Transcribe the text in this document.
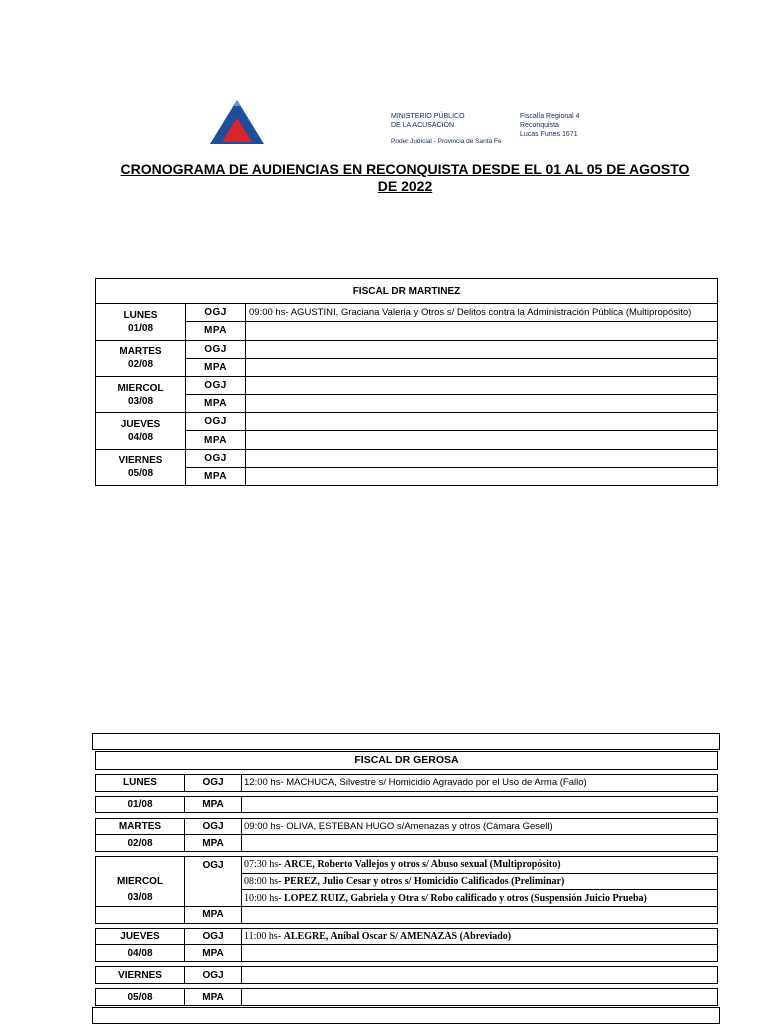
MINISTERIO PÚBLICO
DE LA ACUSACIÓN
Poder Judicial - Provincia de Santa Fe
Fiscalía Regional 4
Reconquista
Lucas Funes 1671
CRONOGRAMA DE AUDIENCIAS EN RECONQUISTA DESDE EL 01 AL 05 DE AGOSTO
DE 2022
FISCAL DR MARTINEZ		

LUNES
01/08	OGJ	09:00 hs- AGUSTINI, Graciana Valeria y Otros s/ Delitos contra la Administración Pública (Multipropósito)
	MPA	

MARTES
02/08	OGJ	
	MPA	

MIERCOL
03/08	OGJ	
	MPA	

JUEVES
04/08	OGJ	
	MPA	

VIERNES
05/08	OGJ	
	MPA	
FISCAL DR GEROSA		

LUNES	OGJ	12:00 hs- MACHUCA, Silvestre s/ Homicidio Agravado por el Uso de Arma (Fallo)

01/08	MPA	

MARTES	OGJ	09:00 hs- OLIVA, ESTEBAN HUGO s/Amenazas y otros (Cámara Gesell)
02/08	MPA	

	OGJ	07:30 hs- ARCE, Roberto Vallejos y otros s/ Abuso sexual (Multipropósito)
MIERCOL		08:00 hs- PEREZ, Julio Cesar y otros s/ Homicidio Calificados (Preliminar)
03/08		10:00 hs- LOPEZ RUIZ, Gabriela y Otra s/ Robo calificado y otros (Suspensión Juicio Prueba)
	MPA	

JUEVES	OGJ	11:00 hs- ALEGRE, Aníbal Oscar S/ AMENAZAS (Abreviado)
04/08	MPA	

VIERNES	OGJ	

05/08	MPA	
